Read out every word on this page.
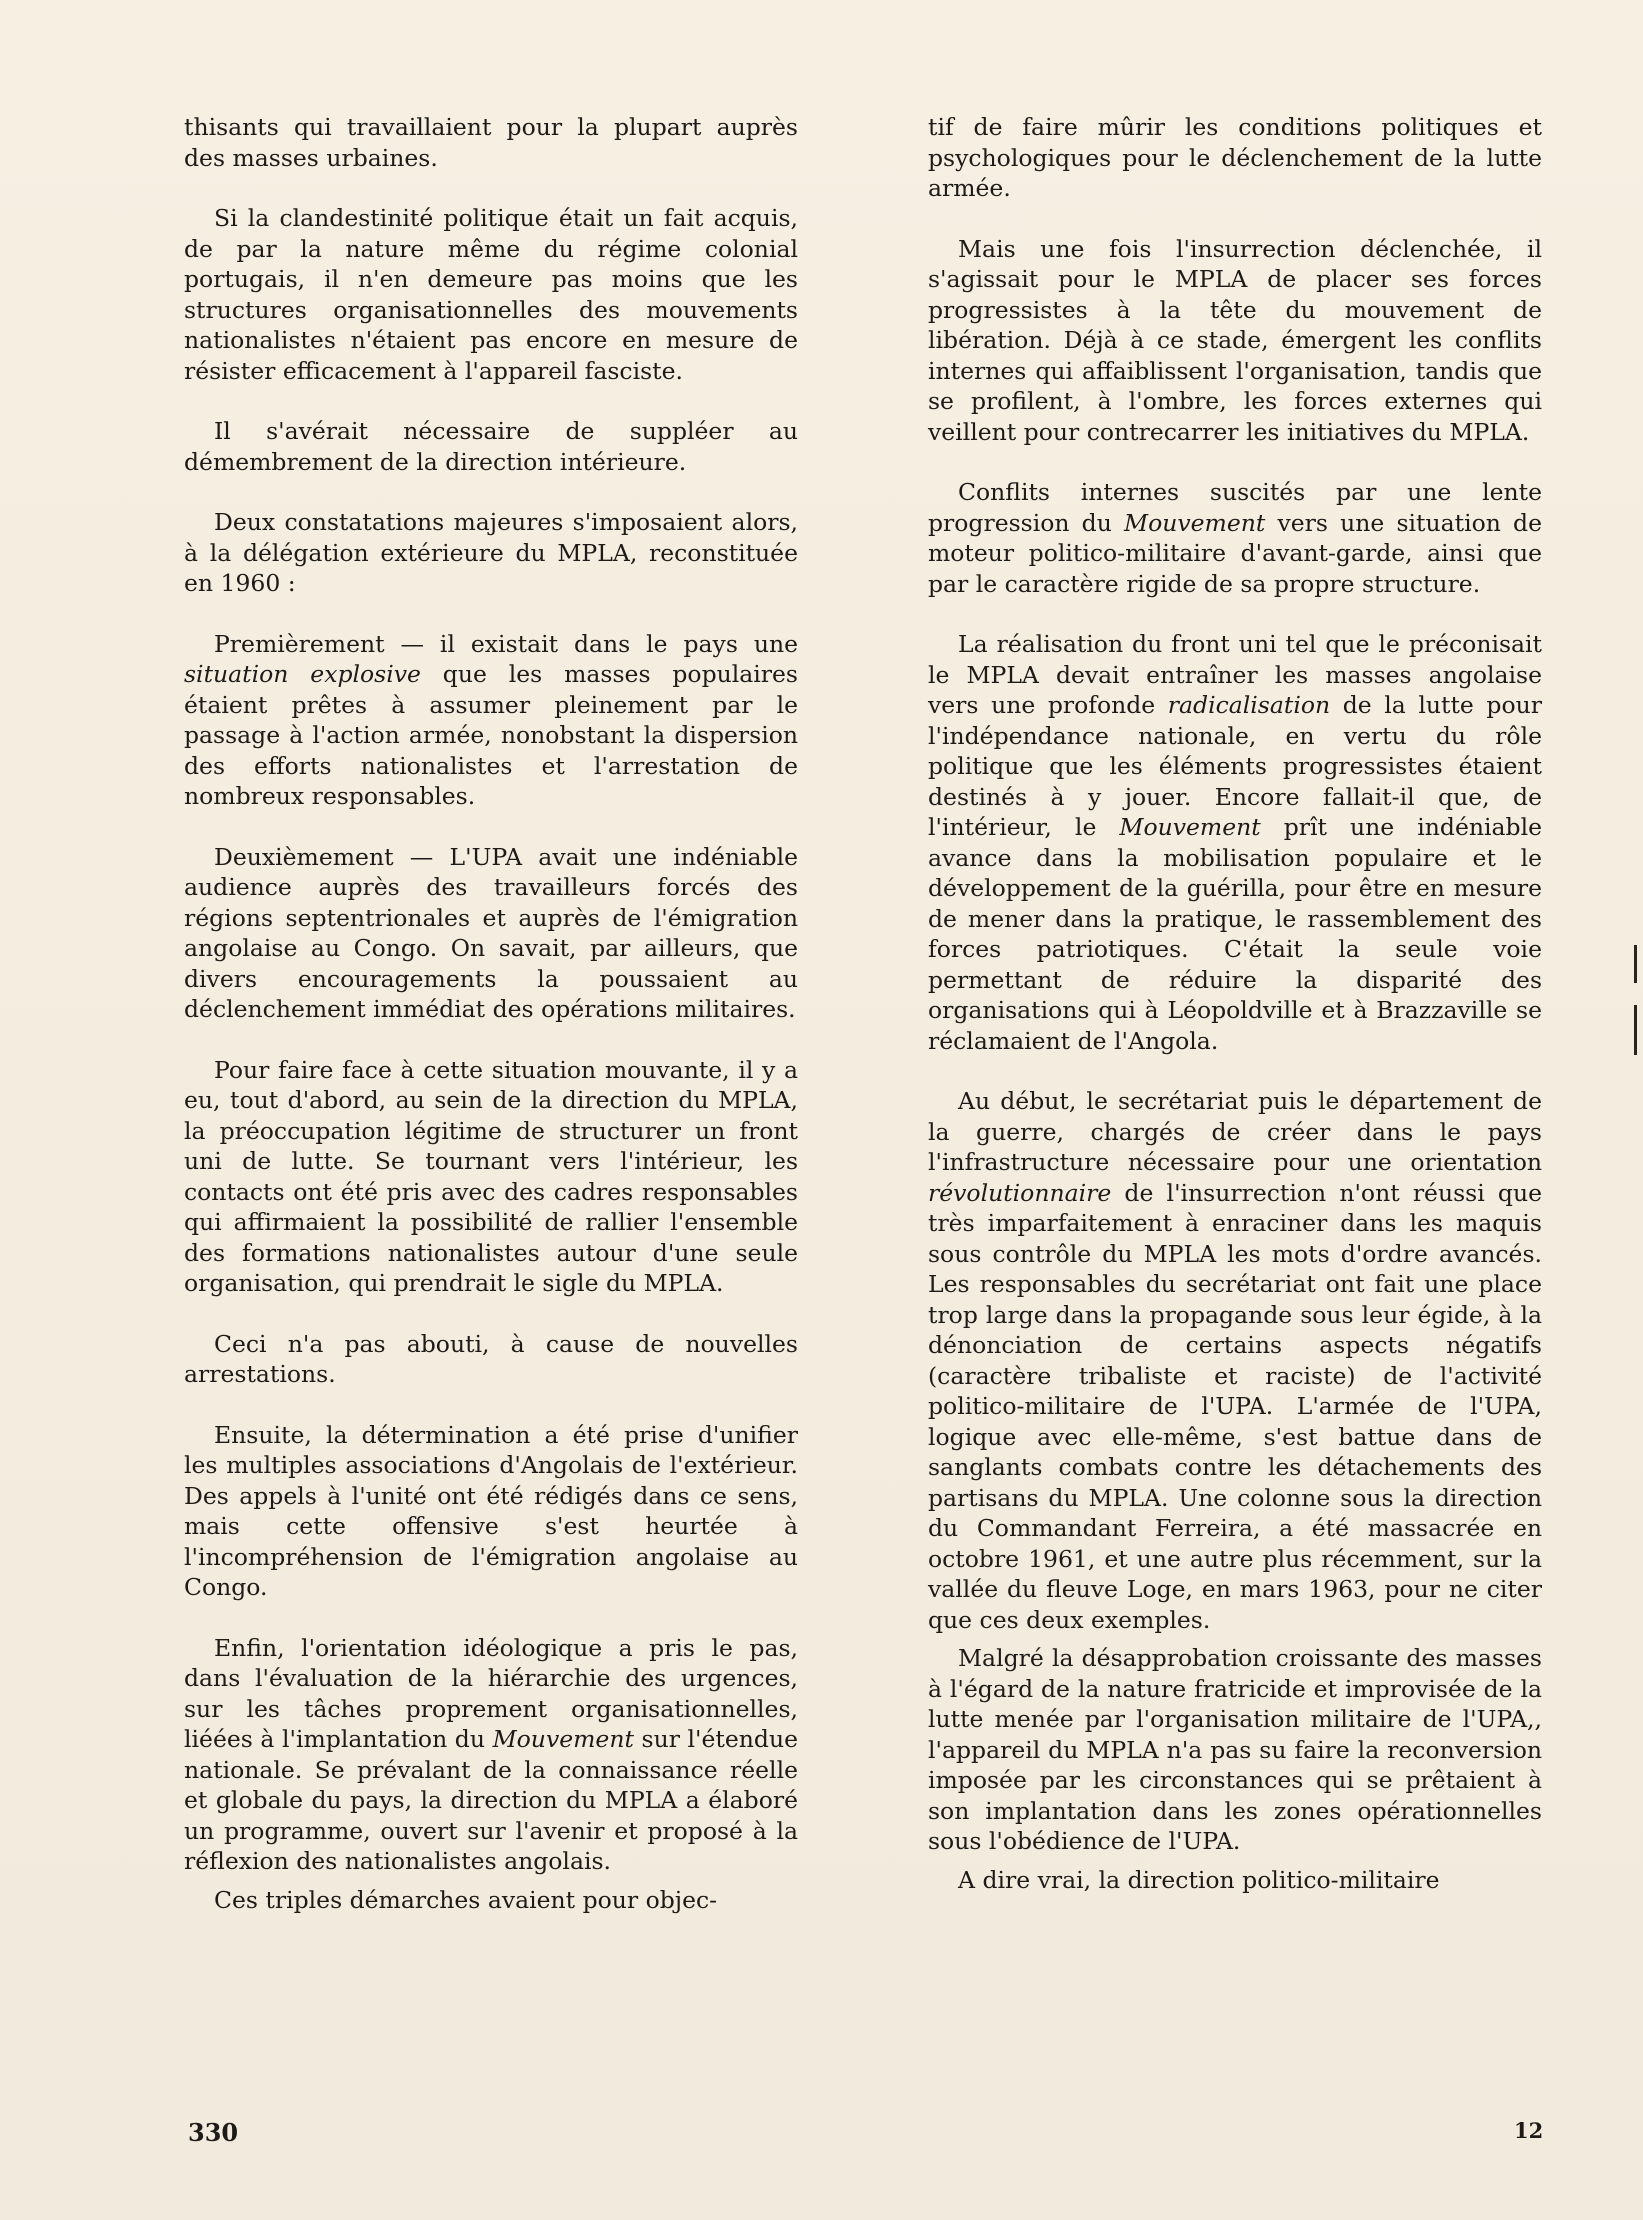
thisants qui travaillaient pour la plupart auprès des masses urbaines.

Si la clandestinité politique était un fait acquis, de par la nature même du régime colonial portugais, il n'en demeure pas moins que les structures organisationnelles des mouvements nationalistes n'étaient pas encore en mesure de résister efficacement à l'appareil fasciste.

Il s'avérait nécessaire de suppléer au démembrement de la direction intérieure.

Deux constatations majeures s'imposaient alors, à la délégation extérieure du MPLA, reconstituée en 1960 :

Premièrement — il existait dans le pays une situation explosive que les masses populaires étaient prêtes à assumer pleinement par le passage à l'action armée, nonobstant la dispersion des efforts nationalistes et l'arrestation de nombreux responsables.

Deuxièmement — L'UPA avait une indéniable audience auprès des travailleurs forcés des régions septentrionales et auprès de l'émigration angolaise au Congo. On savait, par ailleurs, que divers encouragements la poussaient au déclenchement immédiat des opérations militaires.

Pour faire face à cette situation mouvante, il y a eu, tout d'abord, au sein de la direction du MPLA, la préoccupation légitime de structurer un front uni de lutte. Se tournant vers l'intérieur, les contacts ont été pris avec des cadres responsables qui affirmaient la possibilité de rallier l'ensemble des formations nationalistes autour d'une seule organisation, qui prendrait le sigle du MPLA.

Ceci n'a pas abouti, à cause de nouvelles arrestations.

Ensuite, la détermination a été prise d'unifier les multiples associations d'Angolais de l'extérieur. Des appels à l'unité ont été rédigés dans ce sens, mais cette offensive s'est heurtée à l'incompréhension de l'émigration angolaise au Congo.

Enfin, l'orientation idéologique a pris le pas, dans l'évaluation de la hiérarchie des urgences, sur les tâches proprement organisationnelles, liéées à l'implantation du Mouvement sur l'étendue nationale. Se prévalant de la connaissance réelle et globale du pays, la direction du MPLA a élaboré un programme, ouvert sur l'avenir et proposé à la réflexion des nationalistes angolais.

Ces triples démarches avaient pour objec-

tif de faire mûrir les conditions politiques et psychologiques pour le déclenchement de la lutte armée.

Mais une fois l'insurrection déclenchée, il s'agissait pour le MPLA de placer ses forces progressistes à la tête du mouvement de libération. Déjà à ce stade, émergent les conflits internes qui affaiblissent l'organisation, tandis que se profilent, à l'ombre, les forces externes qui veillent pour contrecarrer les initiatives du MPLA.

Conflits internes suscités par une lente progression du Mouvement vers une situation de moteur politico-militaire d'avant-garde, ainsi que par le caractère rigide de sa propre structure.

La réalisation du front uni tel que le préconisait le MPLA devait entraîner les masses angolaise vers une profonde radicalisation de la lutte pour l'indépendance nationale, en vertu du rôle politique que les éléments progressistes étaient destinés à y jouer. Encore fallait-il que, de l'intérieur, le Mouvement prît une indéniable avance dans la mobilisation populaire et le développement de la guérilla, pour être en mesure de mener dans la pratique, le rassemblement des forces patriotiques. C'était la seule voie permettant de réduire la disparité des organisations qui à Léopoldville et à Brazzaville se réclamaient de l'Angola.

Au début, le secrétariat puis le département de la guerre, chargés de créer dans le pays l'infrastructure nécessaire pour une orientation révolutionnaire de l'insurrection n'ont réussi que très imparfaitement à enraciner dans les maquis sous contrôle du MPLA les mots d'ordre avancés. Les responsables du secrétariat ont fait une place trop large dans la propagande sous leur égide, à la dénonciation de certains aspects négatifs (caractère tribaliste et raciste) de l'activité politico-militaire de l'UPA. L'armée de l'UPA, logique avec elle-même, s'est battue dans de sanglants combats contre les détachements des partisans du MPLA. Une colonne sous la direction du Commandant Ferreira, a été massacrée en octobre 1961, et une autre plus récemment, sur la vallée du fleuve Loge, en mars 1963, pour ne citer que ces deux exemples.

Malgré la désapprobation croissante des masses à l'égard de la nature fratricide et improvisée de la lutte menée par l'organisation militaire de l'UPA,, l'appareil du MPLA n'a pas su faire la reconversion imposée par les circonstances qui se prêtaient à son implantation dans les zones opérationnelles sous l'obédience de l'UPA.

A dire vrai, la direction politico-militaire

330	12
